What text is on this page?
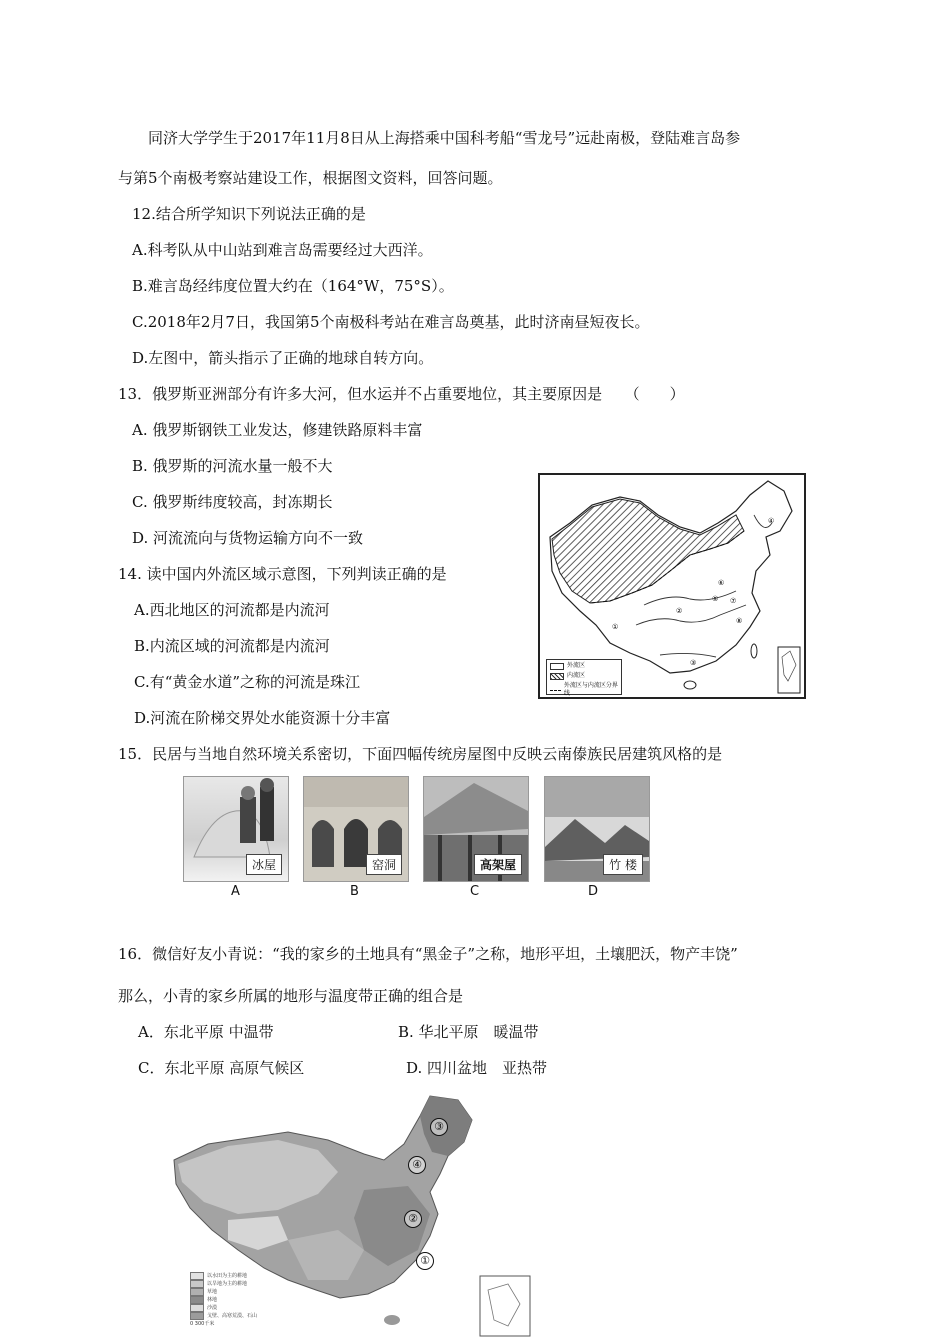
同济大学学生于2017年11月8日从上海搭乘中国科考船“雪龙号”远赴南极，登陆难言岛参
与第5个南极考察站建设工作，根据图文资料，回答问题。
12.结合所学知识下列说法正确的是
A.科考队从中山站到难言岛需要经过大西洋。
B.难言岛经纬度位置大约在（164°W，75°S）。
C.2018年2月7日，我国第5个南极科考站在难言岛奠基，此时济南昼短夜长。
D.左图中，箭头指示了正确的地球自转方向。
13．俄罗斯亚洲部分有许多大河，但水运并不占重要地位，其主要原因是　　（　　）
A. 俄罗斯钢铁工业发达，修建铁路原料丰富
B. 俄罗斯的河流水量一般不大
C. 俄罗斯纬度较高，封冻期长
D. 河流流向与货物运输方向不一致
14. 读中国内外流区域示意图，下列判读正确的是
A.西北地区的河流都是内流河
B.内流区域的河流都是内流河
C.有“黄金水道”之称的河流是珠江
D.河流在阶梯交界处水能资源十分丰富
①
②
③
④
⑤
⑥
⑦
⑧
外流区
内流区
外流区与内流区分界线
15．民居与当地自然环境关系密切，下面四幅传统房屋图中反映云南傣族民居建筑风格的是
冰屋	窑洞	高架屋	竹 楼
A	B	C	D
16．微信好友小青说：“我的家乡的土地具有“黑金子”之称，地形平坦，土壤肥沃，物产丰饶”
那么，小青的家乡所属的地形与温度带正确的组合是
A．东北平原 中温带	B. 华北平原　暖温带
C．东北平原 高原气候区	D. 四川盆地　亚热带
③
④
②
①
以水田为主的耕地
以旱地为主的耕地
草地
林地
沙漠
戈壁、高寒荒漠、石山
0 300千米
